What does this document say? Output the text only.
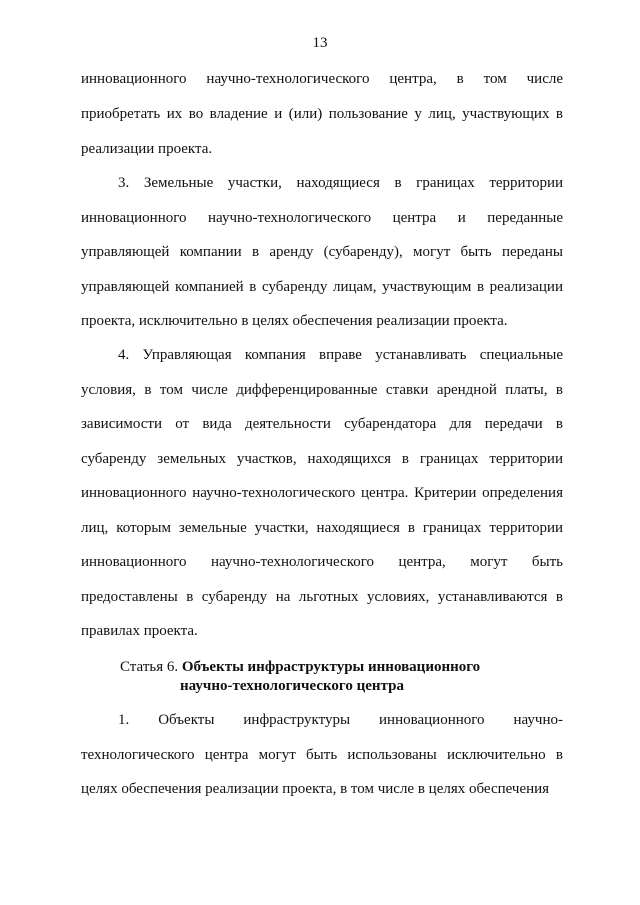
13

инновационного научно-технологического центра, в том числе

приобретать их во владение и (или) пользование у лиц, участвующих в реализации проекта.

3. Земельные участки, находящиеся в границах территории инновационного научно-технологического центра и переданные управляющей компании в аренду (субаренду), могут быть переданы управляющей компанией в субаренду лицам, участвующим в реализации проекта, исключительно в целях обеспечения реализации проекта.

4. Управляющая компания вправе устанавливать специальные условия, в том числе дифференцированные ставки арендной платы, в зависимости от вида деятельности субарендатора для передачи в субаренду земельных участков, находящихся в границах территории инновационного научно-технологического центра. Критерии определения лиц, которым земельные участки, находящиеся в границах территории инновационного научно-технологического центра, могут быть предоставлены в субаренду на льготных условиях, устанавливаются в правилах проекта.

Статья 6. Объекты инфраструктуры инновационного
научно-технологического центра

1. Объекты инфраструктуры инновационного научно-технологического центра могут быть использованы исключительно в целях обеспечения реализации проекта, в том числе в целях обеспечения
